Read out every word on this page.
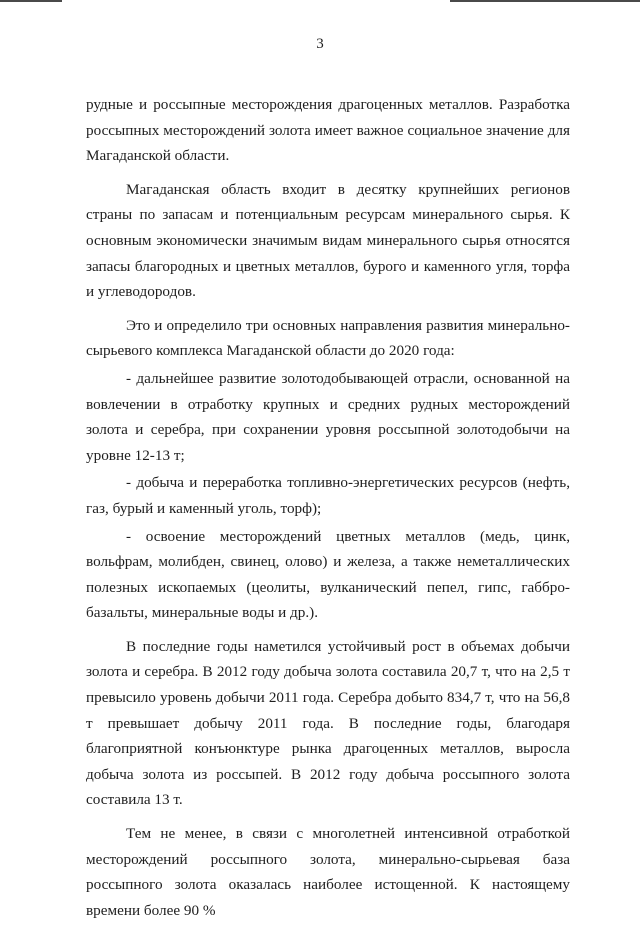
3

рудные и россыпные месторождения драгоценных металлов. Разработка россыпных месторождений золота имеет важное социальное значение для Магаданской области.

Магаданская область входит в десятку крупнейших регионов страны по запасам и потенциальным ресурсам минерального сырья. К основным экономически значимым видам минерального сырья относятся запасы благородных и цветных металлов, бурого и каменного угля, торфа и углеводородов.

Это и определило три основных направления развития минерально-сырьевого комплекса Магаданской области до 2020 года:

- дальнейшее развитие золотодобывающей отрасли, основанной на вовлечении в отработку крупных и средних рудных месторождений золота и серебра, при сохранении уровня россыпной золотодобычи на уровне 12-13 т;

- добыча и переработка топливно-энергетических ресурсов (нефть, газ, бурый и каменный уголь, торф);

- освоение месторождений цветных металлов (медь, цинк, вольфрам, молибден, свинец, олово) и железа, а также неметаллических полезных ископаемых (цеолиты, вулканический пепел, гипс, габбро-базальты, минеральные воды и др.).

В последние годы наметился устойчивый рост в объемах добычи золота и серебра. В 2012 году добыча золота составила 20,7 т, что на 2,5 т превысило уровень добычи 2011 года. Серебра добыто 834,7 т, что на 56,8 т превышает добычу 2011 года. В последние годы, благодаря благоприятной конъюнктуре рынка драгоценных металлов, выросла добыча золота из россыпей. В 2012 году добыча россыпного золота составила 13 т.

Тем не менее, в связи с многолетней интенсивной отработкой месторождений россыпного золота, минерально-сырьевая база россыпного золота оказалась наиболее истощенной. К настоящему времени более 90 %
